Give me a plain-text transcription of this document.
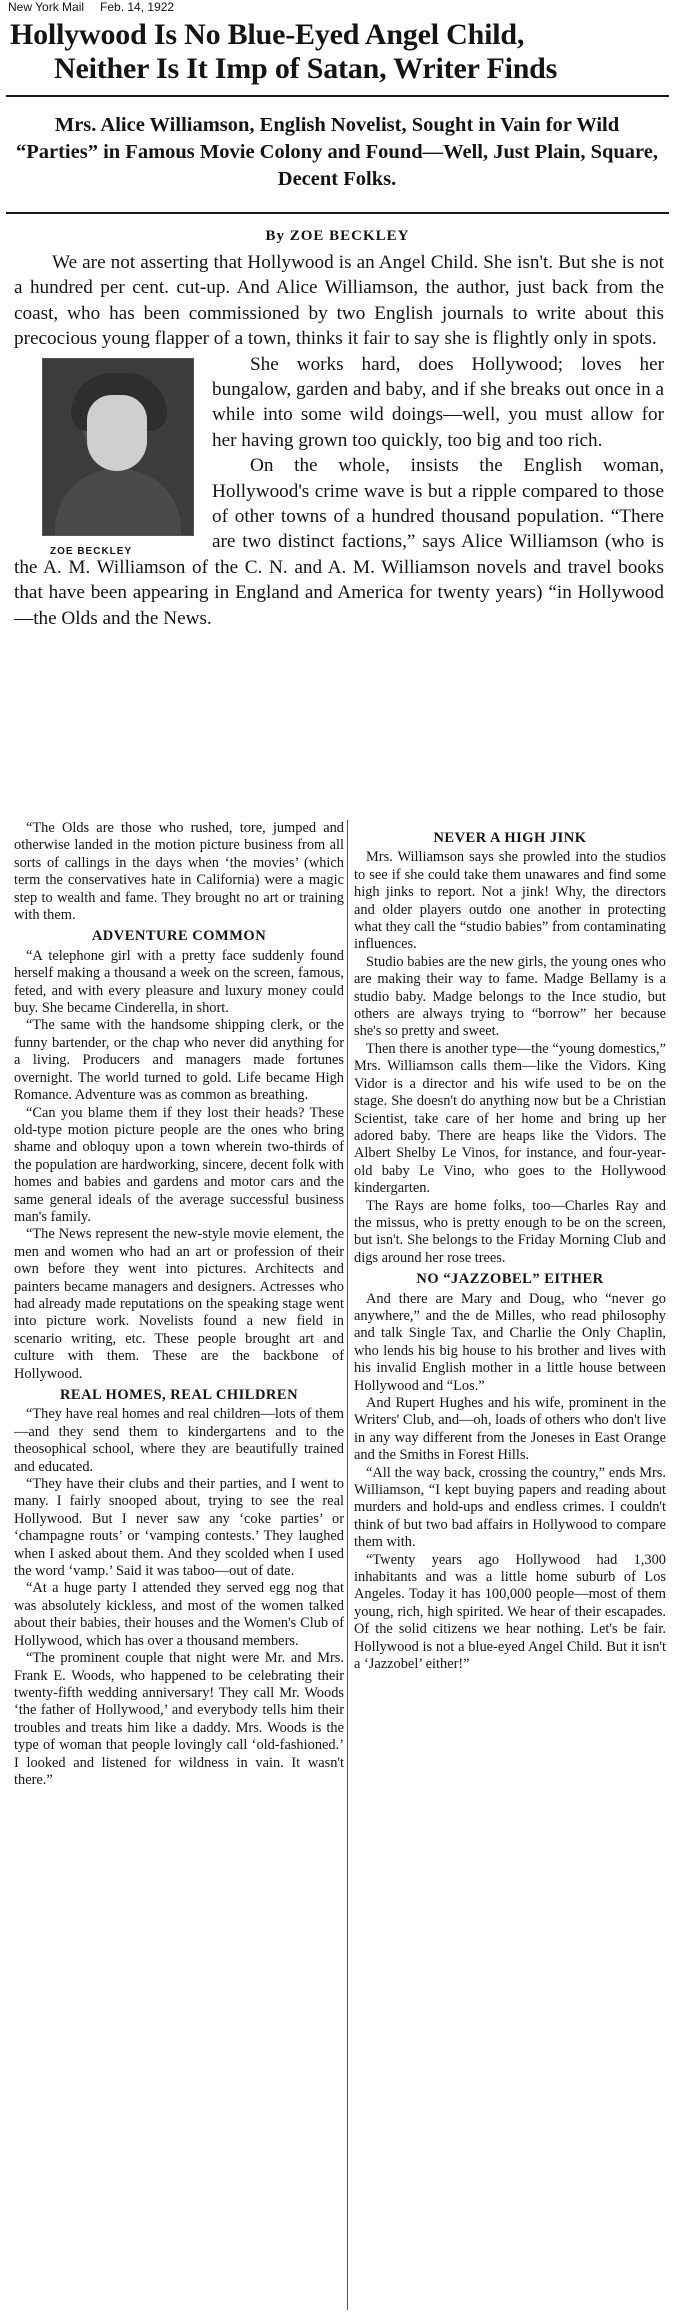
New York Mail Feb. 14, 1922
Hollywood Is No Blue-Eyed Angel Child,
Neither Is It Imp of Satan, Writer Finds
Mrs. Alice Williamson, English Novelist, Sought in Vain for Wild “Parties” in Famous Movie Colony and Found—Well, Just Plain, Square, Decent Folks.
By ZOE BECKLEY

We are not asserting that Hollywood is an Angel Child. She isn't. But she is not a hundred per cent. cut-up. And Alice Williamson, the author, just back from the coast, who has been commissioned by two English journals to write about this precocious young flapper of a town, thinks it fair to say she is flightly only in spots.

ZOE BECKLEY

She works hard, does Hollywood; loves her bungalow, garden and baby, and if she breaks out once in a while into some wild doings—well, you must allow for her having grown too quickly, too big and too rich.

On the whole, insists the English woman, Hollywood's crime wave is but a ripple compared to those of other towns of a hundred thousand population. “There are two distinct factions,” says Alice Williamson (who is the A. M. Williamson of the C. N. and A. M. Williamson novels and travel books that have been appearing in England and America for twenty years) “in Hollywood—the Olds and the News.

“The Olds are those who rushed, tore, jumped and otherwise landed in the motion picture business from all sorts of callings in the days when ‘the movies’ (which term the conservatives hate in California) were a magic step to wealth and fame. They brought no art or training with them.

ADVENTURE COMMON

“A telephone girl with a pretty face suddenly found herself making a thousand a week on the screen, famous, feted, and with every pleasure and luxury money could buy. She became Cinderella, in short.

“The same with the handsome shipping clerk, or the funny bartender, or the chap who never did anything for a living. Producers and managers made fortunes overnight. The world turned to gold. Life became High Romance. Adventure was as common as breathing.

“Can you blame them if they lost their heads? These old-type motion picture people are the ones who bring shame and obloquy upon a town wherein two-thirds of the population are hardworking, sincere, decent folk with homes and babies and gardens and motor cars and the same general ideals of the average successful business man's family.

“The News represent the new-style movie element, the men and women who had an art or profession of their own before they went into pictures. Architects and painters became managers and designers. Actresses who had already made reputations on the speaking stage went into picture work. Novelists found a new field in scenario writing, etc. These people brought art and culture with them. These are the backbone of Hollywood.

REAL HOMES, REAL CHILDREN

“They have real homes and real children—lots of them—and they send them to kindergartens and to the theosophical school, where they are beautifully trained and educated.

“They have their clubs and their parties, and I went to many. I fairly snooped about, trying to see the real Hollywood. But I never saw any ‘coke parties’ or ‘champagne routs’ or ‘vamping contests.’ They laughed when I asked about them. And they scolded when I used the word ‘vamp.’ Said it was taboo—out of date.

“At a huge party I attended they served egg nog that was absolutely kickless, and most of the women talked about their babies, their houses and the Women's Club of Hollywood, which has over a thousand members.

“The prominent couple that night were Mr. and Mrs. Frank E. Woods, who happened to be celebrating their twenty-fifth wedding anniversary! They call Mr. Woods ‘the father of Hollywood,’ and everybody tells him their troubles and treats him like a daddy. Mrs. Woods is the type of woman that people lovingly call ‘old-fashioned.’ I looked and listened for wildness in vain. It wasn't there.”

NEVER A HIGH JINK

Mrs. Williamson says she prowled into the studios to see if she could take them unawares and find some high jinks to report. Not a jink! Why, the directors and older players outdo one another in protecting what they call the “studio babies” from contaminating influences.

Studio babies are the new girls, the young ones who are making their way to fame. Madge Bellamy is a studio baby. Madge belongs to the Ince studio, but others are always trying to “borrow” her because she's so pretty and sweet.

Then there is another type—the “young domestics,” Mrs. Williamson calls them—like the Vidors. King Vidor is a director and his wife used to be on the stage. She doesn't do anything now but be a Christian Scientist, take care of her home and bring up her adored baby. There are heaps like the Vidors. The Albert Shelby Le Vinos, for instance, and four-year-old baby Le Vino, who goes to the Hollywood kindergarten.

The Rays are home folks, too—Charles Ray and the missus, who is pretty enough to be on the screen, but isn't. She belongs to the Friday Morning Club and digs around her rose trees.

NO “JAZZOBEL” EITHER

And there are Mary and Doug, who “never go anywhere,” and the de Milles, who read philosophy and talk Single Tax, and Charlie the Only Chaplin, who lends his big house to his brother and lives with his invalid English mother in a little house between Hollywood and “Los.”

And Rupert Hughes and his wife, prominent in the Writers' Club, and—oh, loads of others who don't live in any way different from the Joneses in East Orange and the Smiths in Forest Hills.

“All the way back, crossing the country,” ends Mrs. Williamson, “I kept buying papers and reading about murders and hold-ups and endless crimes. I couldn't think of but two bad affairs in Hollywood to compare them with.

“Twenty years ago Hollywood had 1,300 inhabitants and was a little home suburb of Los Angeles. Today it has 100,000 people—most of them young, rich, high spirited. We hear of their escapades. Of the solid citizens we hear nothing. Let's be fair. Hollywood is not a blue-eyed Angel Child. But it isn't a ‘Jazzobel’ either!”
